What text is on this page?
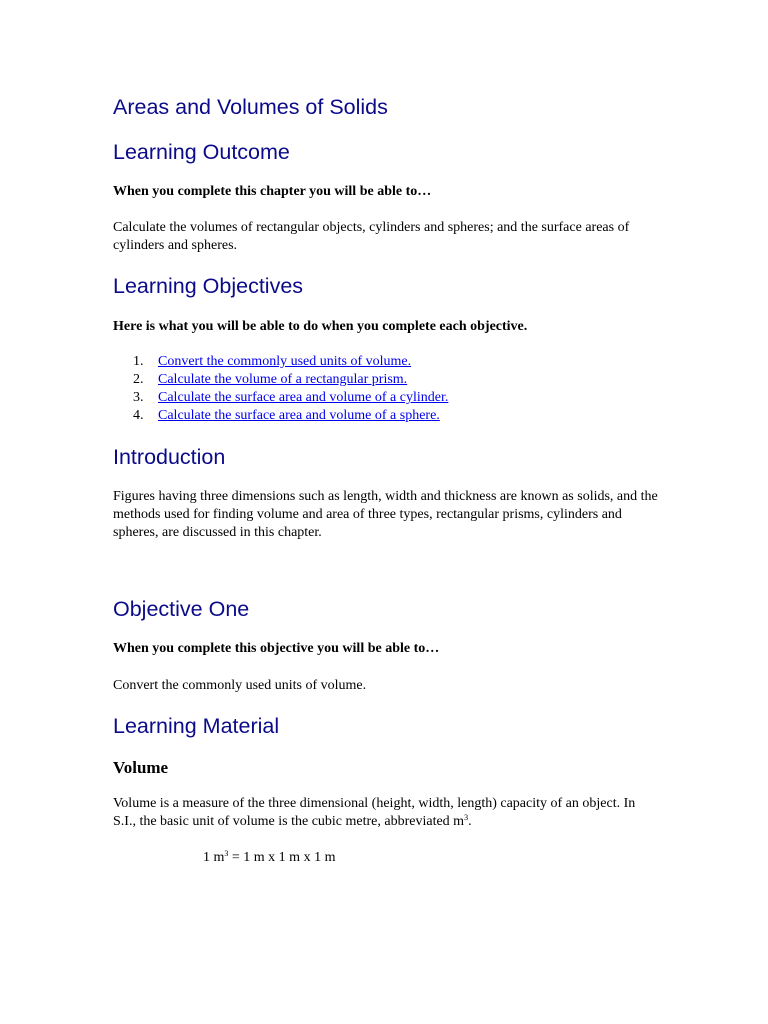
Areas and Volumes of Solids
Learning Outcome

When you complete this chapter you will be able to…

Calculate the volumes of rectangular objects, cylinders and spheres; and the surface areas of cylinders and spheres.

Learning Objectives

Here is what you will be able to do when you complete each objective.

1.	Convert the commonly used units of volume.
2.	Calculate the volume of a rectangular prism.
3.	Calculate the surface area and volume of a cylinder.
4.	Calculate the surface area and volume of a sphere.
Introduction

Figures having three dimensions such as length, width and thickness are known as solids, and the methods used for finding volume and area of three types, rectangular prisms, cylinders and spheres, are discussed in this chapter.

Objective One

When you complete this objective you will be able to…

Convert the commonly used units of volume.

Learning Material
Volume

Volume is a measure of the three dimensional (height, width, length) capacity of an object. In S.I., the basic unit of volume is the cubic metre, abbreviated $m^3$.

1 $m^3 = 1$ m x 1 m x 1 m
